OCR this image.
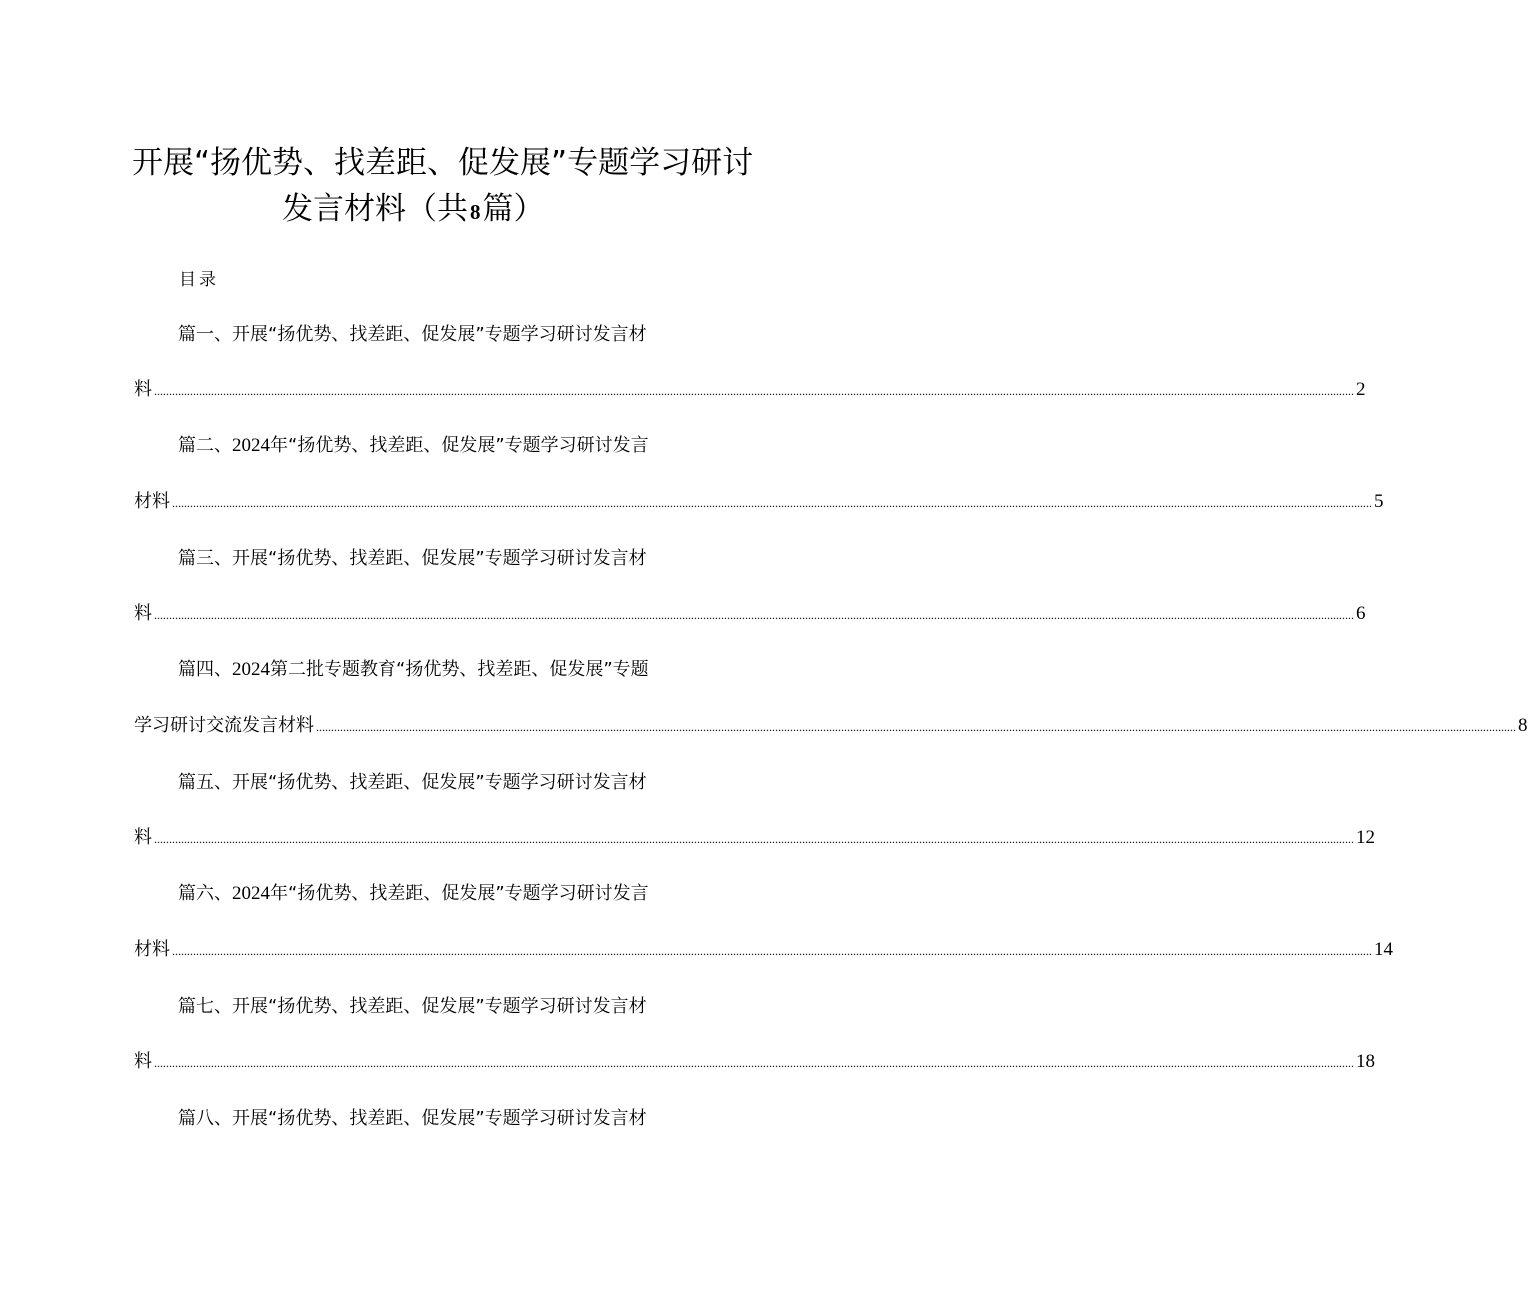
开展“扬优势、找差距、促发展”专题学习研讨
发言材料（共8篇）
目录
篇一、开展“扬优势、找差距、促发展”专题学习研讨发言材
料 ................................................................................................................................................................................................................................................................................................................................................................................................................ 2
篇二、2024年“扬优势、找差距、促发展”专题学习研讨发言
材料 ................................................................................................................................................................................................................................................................................................................................................................................................................ 5
篇三、开展“扬优势、找差距、促发展”专题学习研讨发言材
料 ................................................................................................................................................................................................................................................................................................................................................................................................................ 6
篇四、2024第二批专题教育“扬优势、找差距、促发展”专题
学习研讨交流发言材料 ................................................................................................................................................................................................................................................................................................................................................................................................................ 8
篇五、开展“扬优势、找差距、促发展”专题学习研讨发言材
料 ................................................................................................................................................................................................................................................................................................................................................................................................................ 12
篇六、2024年“扬优势、找差距、促发展”专题学习研讨发言
材料 ................................................................................................................................................................................................................................................................................................................................................................................................................ 14
篇七、开展“扬优势、找差距、促发展”专题学习研讨发言材
料 ................................................................................................................................................................................................................................................................................................................................................................................................................ 18
篇八、开展“扬优势、找差距、促发展”专题学习研讨发言材
